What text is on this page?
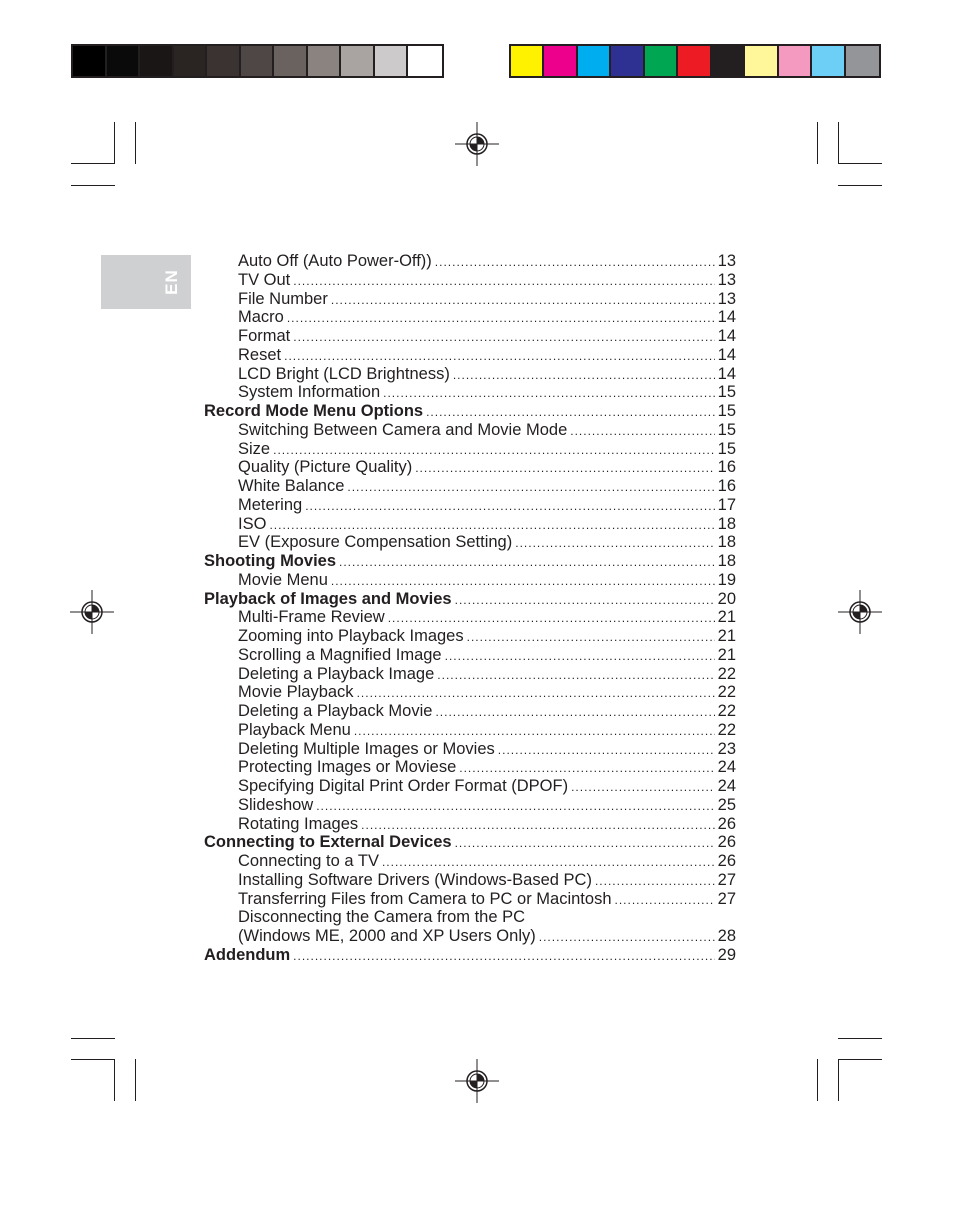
EN
Auto Off (Auto Power-Off)) .....	13
TV Out .....	13
File Number .....	13
Macro .....	14
Format .....	14
Reset .....	14
LCD Bright (LCD Brightness) .....	14
System Information .....	15
Record Mode Menu Options .....	15
Switching Between Camera and Movie Mode .....	15
Size .....	15
Quality (Picture Quality) .....	16
White Balance .....	16
Metering .....	17
ISO .....	18
EV (Exposure Compensation Setting) .....	18
Shooting Movies .....	18
Movie Menu .....	19
Playback of Images and Movies .....	20
Multi-Frame Review .....	21
Zooming into Playback Images .....	21
Scrolling a Magnified Image .....	21
Deleting a Playback Image .....	22
Movie Playback .....	22
Deleting a Playback Movie .....	22
Playback Menu .....	22
Deleting Multiple Images or Movies .....	23
Protecting Images or Moviese .....	24
Specifying Digital Print Order Format (DPOF) .....	24
Slideshow .....	25
Rotating Images .....	26
Connecting to External Devices .....	26
Connecting to a TV .....	26
Installing Software Drivers (Windows-Based PC) .....	27
Transferring Files from Camera to PC or Macintosh .....	27
Disconnecting the Camera from the PC
(Windows ME, 2000 and XP Users Only) .....	28
Addendum .....	29
